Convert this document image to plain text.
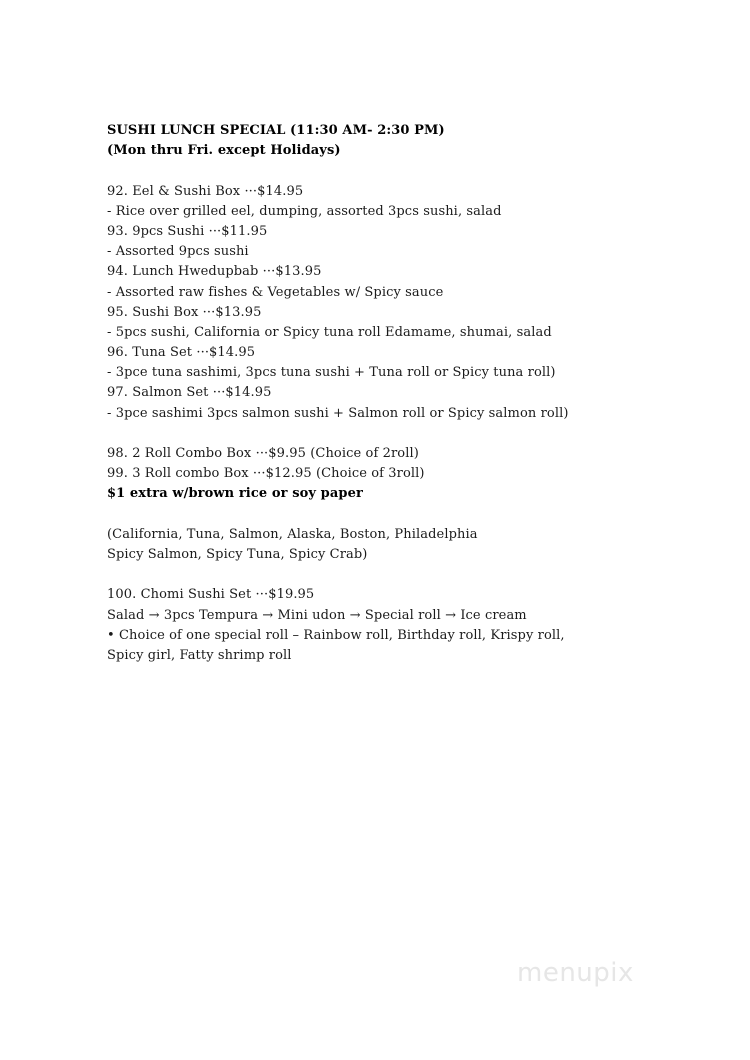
SUSHI LUNCH SPECIAL (11:30 AM- 2:30 PM)
(Mon thru Fri. except Holidays)
92. Eel & Sushi Box ···$14.95
- Rice over grilled eel, dumping, assorted 3pcs sushi, salad
93. 9pcs Sushi ···$11.95
- Assorted 9pcs sushi
94. Lunch Hwedupbab ···$13.95
- Assorted raw fishes & Vegetables w/ Spicy sauce
95. Sushi Box ···$13.95
- 5pcs sushi, California or Spicy tuna roll Edamame, shumai, salad
96. Tuna Set ···$14.95
- 3pce tuna sashimi, 3pcs tuna sushi + Tuna roll or Spicy tuna roll)
97. Salmon Set ···$14.95
- 3pce sashimi 3pcs salmon sushi + Salmon roll or Spicy salmon roll)
98. 2 Roll Combo Box ···$9.95 (Choice of 2roll)
99. 3 Roll combo Box ···$12.95 (Choice of 3roll)
$1 extra w/brown rice or soy paper
(California, Tuna, Salmon, Alaska, Boston, Philadelphia
Spicy Salmon, Spicy Tuna, Spicy Crab)
100. Chomi Sushi Set ···$19.95
Salad → 3pcs Tempura → Mini udon → Special roll → Ice cream
• Choice of one special roll – Rainbow roll, Birthday roll, Krispy roll,
Spicy girl, Fatty shrimp roll
menupix
